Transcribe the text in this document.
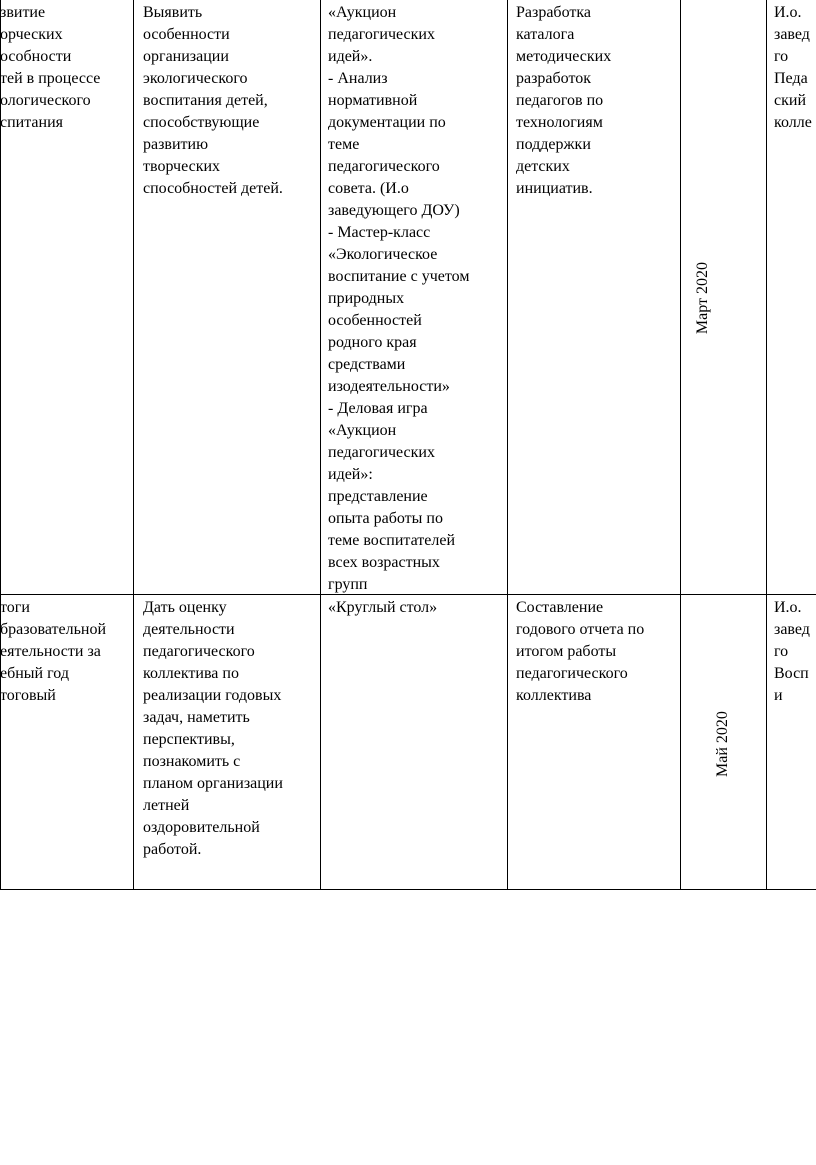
звитие
орческих
особности
тей в процессе
ологического
спитания
Выявить
особенности
организации
экологического
воспитания детей,
способствующие
развитию
творческих
способностей детей.
«Аукцион
педагогических
идей».
- Анализ
нормативной
документации по
теме
педагогического
совета. (И.о
заведующего ДОУ)
- Мастер-класс
«Экологическое
воспитание с учетом
природных
особенностей
родного края
средствами
изодеятельности»
- Деловая игра
«Аукцион
педагогических
идей»:
представление
опыта работы по
теме воспитателей
всех возрастных
групп
Разработка
каталога
методических
разработок
педагогов по
технологиям
поддержки
детских
инициатив.
Март 2020
И.о.
завед
го
Педа
ский
колле
тоги
бразовательной
еятельности за
ебный год
тоговый
Дать оценку
деятельности
педагогического
коллектива по
реализации годовых
задач, наметить
перспективы,
познакомить с
планом организации
летней
оздоровительной
работой.
«Круглый стол»	Составление
годового отчета по
итогом работы
педагогического
коллектива
Май 2020
И.о.
завед
го
Восп
и
